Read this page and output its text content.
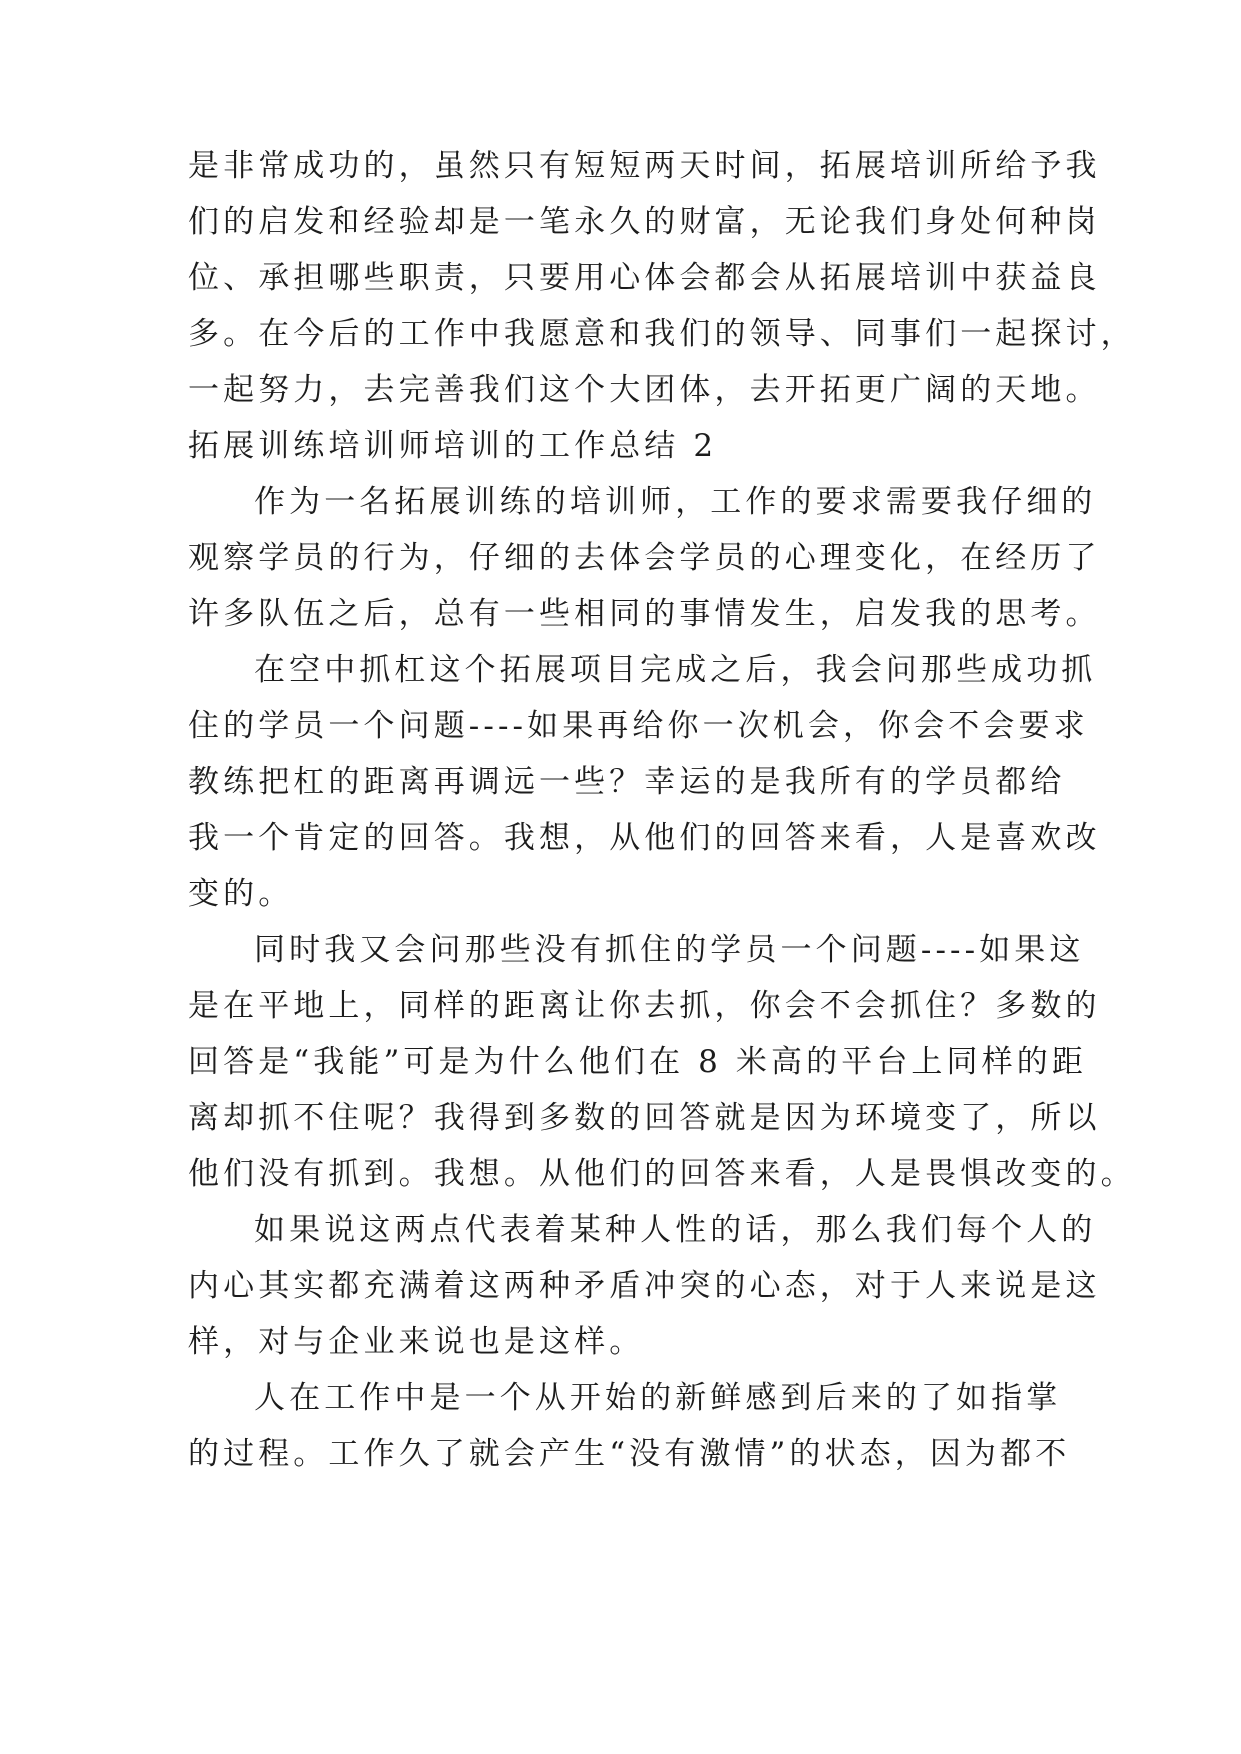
是非常成功的，虽然只有短短两天时间，拓展培训所给予我
们的启发和经验却是一笔永久的财富，无论我们身处何种岗
位、承担哪些职责，只要用心体会都会从拓展培训中获益良
多。在今后的工作中我愿意和我们的领导、同事们一起探讨，
一起努力，去完善我们这个大团体，去开拓更广阔的天地。
拓展训练培训师培训的工作总结 2
作为一名拓展训练的培训师，工作的要求需要我仔细的
观察学员的行为，仔细的去体会学员的心理变化，在经历了
许多队伍之后，总有一些相同的事情发生，启发我的思考。
在空中抓杠这个拓展项目完成之后，我会问那些成功抓
住的学员一个问题----如果再给你一次机会，你会不会要求
教练把杠的距离再调远一些？幸运的是我所有的学员都给
我一个肯定的回答。我想，从他们的回答来看，人是喜欢改
变的。
同时我又会问那些没有抓住的学员一个问题----如果这
是在平地上，同样的距离让你去抓，你会不会抓住？多数的
回答是“我能”可是为什么他们在 8 米高的平台上同样的距
离却抓不住呢？我得到多数的回答就是因为环境变了，所以
他们没有抓到。我想。从他们的回答来看，人是畏惧改变的。
如果说这两点代表着某种人性的话，那么我们每个人的
内心其实都充满着这两种矛盾冲突的心态，对于人来说是这
样，对与企业来说也是这样。
人在工作中是一个从开始的新鲜感到后来的了如指掌
的过程。工作久了就会产生“没有激情”的状态，因为都不
